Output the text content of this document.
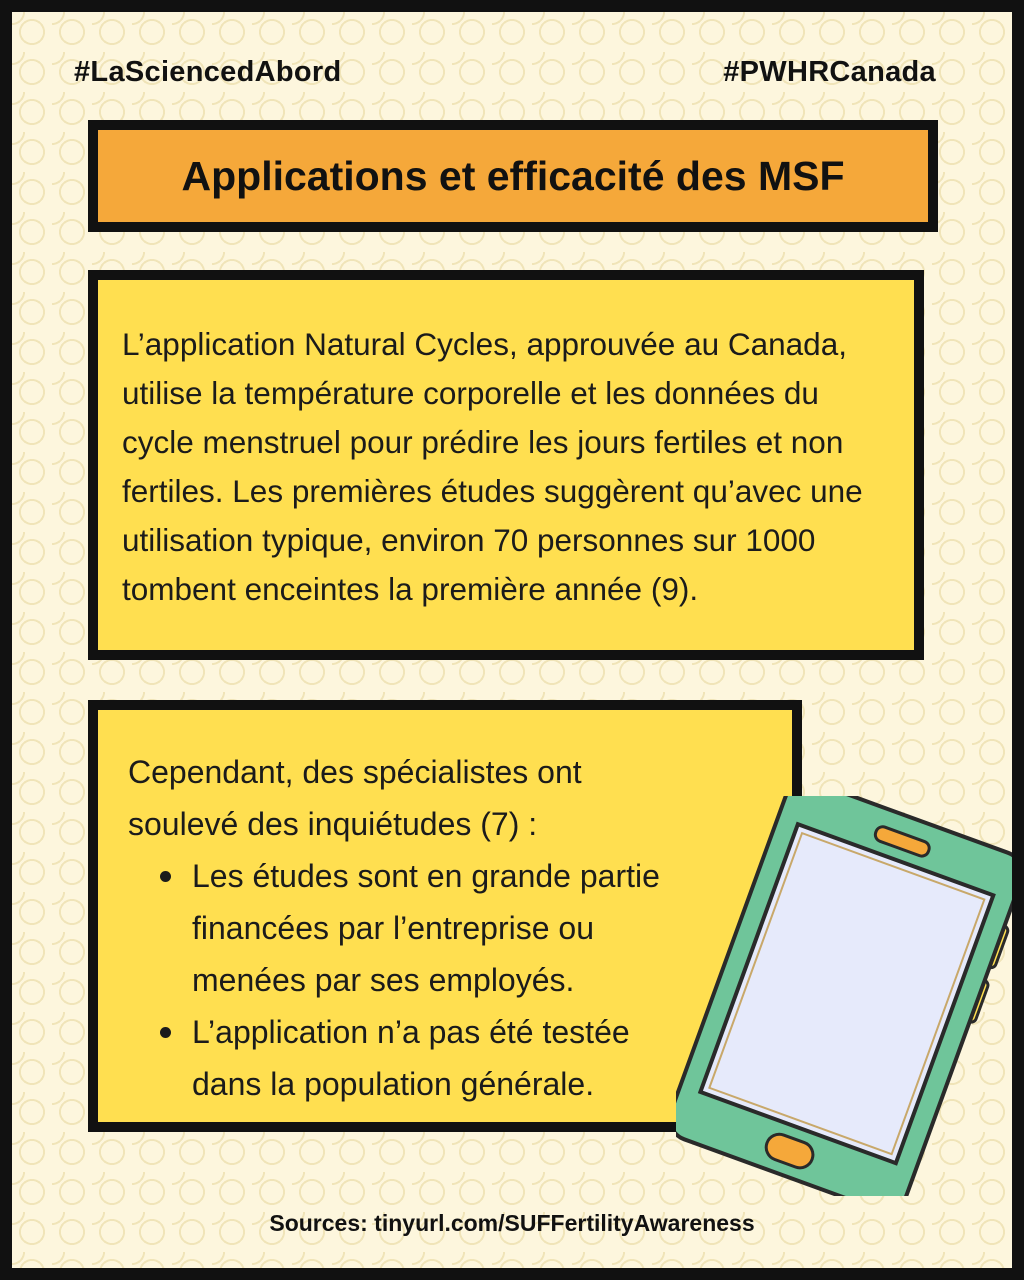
#LaSciencedAbord	#PWHRCanada
Applications et efficacité des MSF

L’application Natural Cycles, approuvée au Canada,
utilise la température corporelle et les données du
cycle menstruel pour prédire les jours fertiles et non
fertiles. Les premières études suggèrent qu’avec une
utilisation typique, environ 70 personnes sur 1000
tombent enceintes la première année (9).

Cependant, des spécialistes ont
soulevé des inquiétudes (7) :

Les études sont en grande partie
financées par l’entreprise ou
menées par ses employés.
L’application n’a pas été testée
dans la population générale.
Sources: tinyurl.com/SUFFertilityAwareness
